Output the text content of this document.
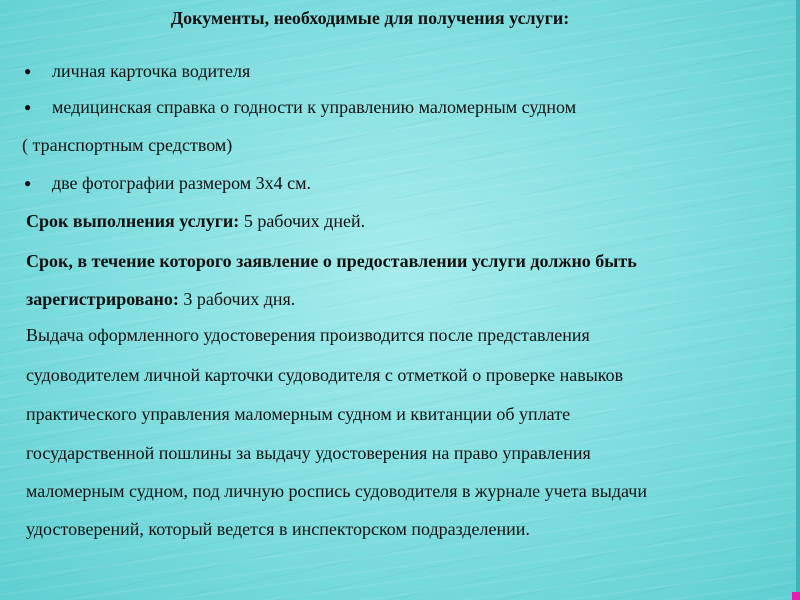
Документы, необходимые для получения услуги:
● личная карточка водителя
● медицинская справка о годности к управлению маломерным судном
( транспортным средством)
● две фотографии размером 3х4 см.
Срок выполнения услуги: 5 рабочих дней.
Срок, в течение которого заявление о предоставлении услуги должно быть
зарегистрировано: 3 рабочих дня.
Выдача оформленного удостоверения производится после представления
судоводителем личной карточки судоводителя с отметкой о проверке навыков
практического управления маломерным судном и квитанции об уплате
государственной пошлины за выдачу удостоверения на право управления
маломерным судном, под личную роспись судоводителя в журнале учета выдачи
удостоверений, который ведется в инспекторском подразделении.
